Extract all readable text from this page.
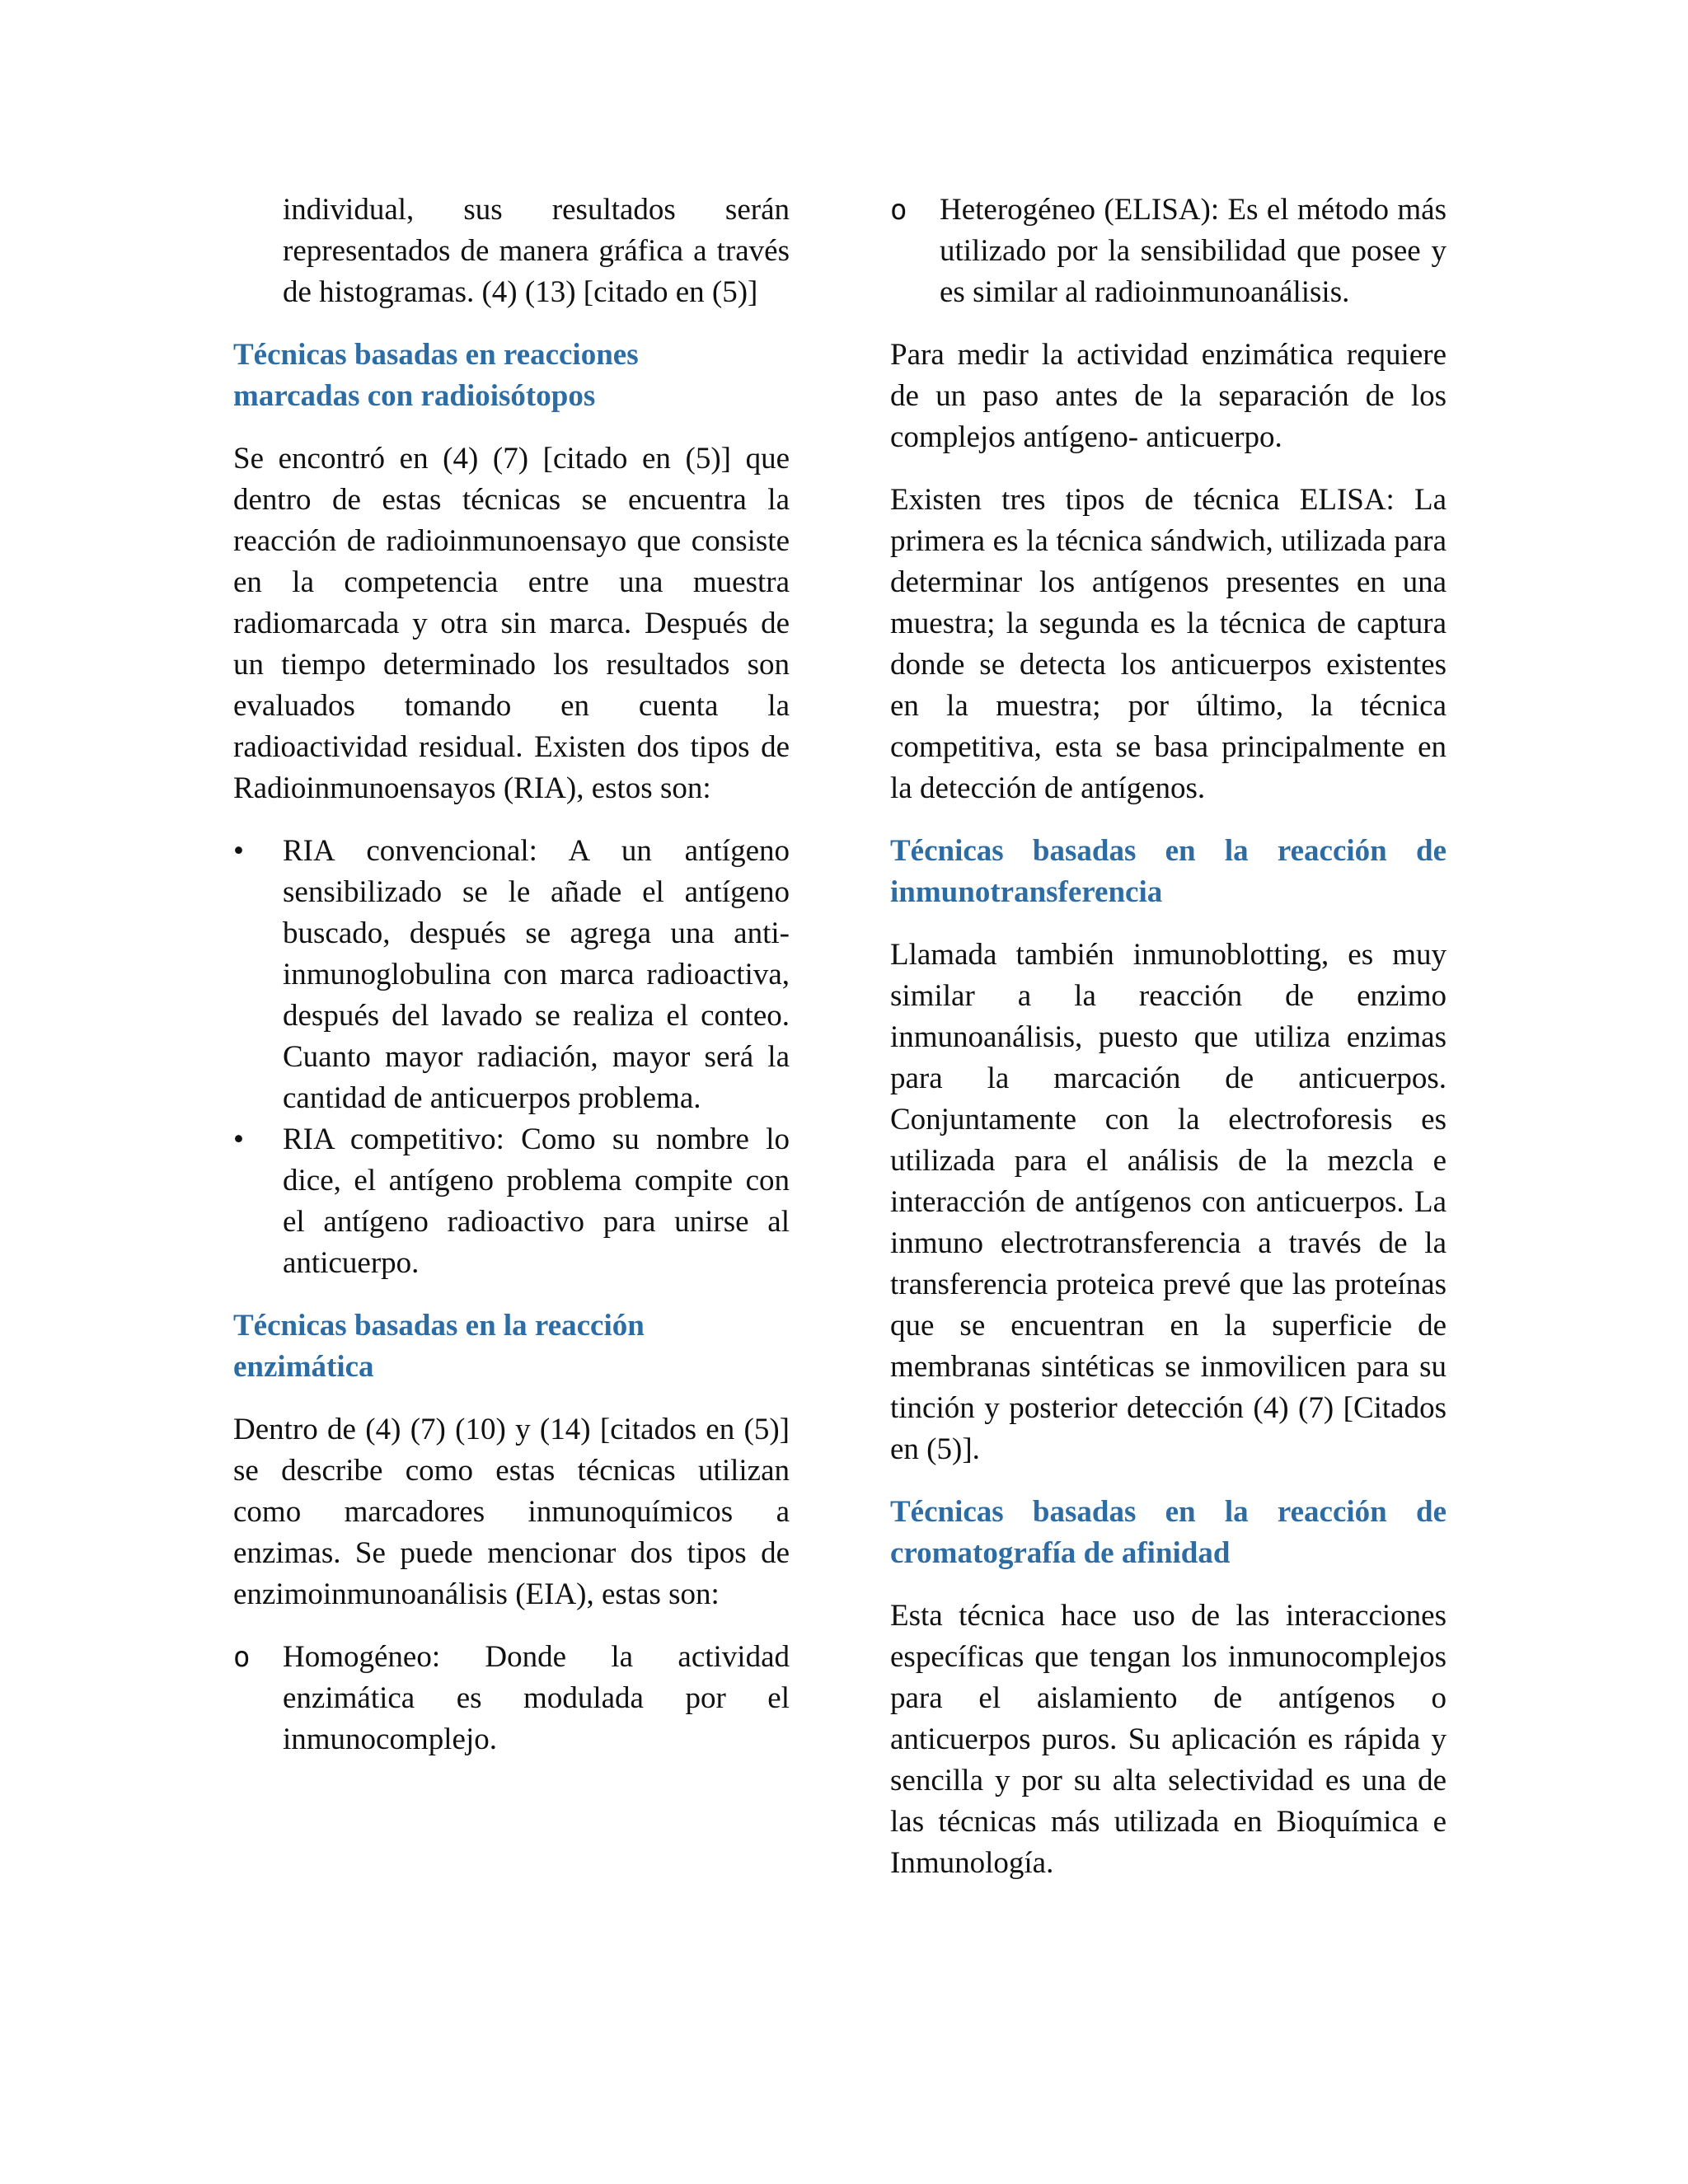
individual, sus resultados serán representados de manera gráfica a través de histogramas. (4) (13) [citado en (5)]

Técnicas basadas en reacciones marcadas con radioisótopos

Se encontró en (4) (7) [citado en (5)] que dentro de estas técnicas se encuentra la reacción de radioinmunoensayo que consiste en la competencia entre una muestra radiomarcada y otra sin marca. Después de un tiempo determinado los resultados son evaluados tomando en cuenta la radioactividad residual. Existen dos tipos de Radioinmunoensayos (RIA), estos son:

•
RIA convencional: A un antígeno sensibilizado se le añade el antígeno buscado, después se agrega una anti-inmunoglobulina con marca radioactiva, después del lavado se realiza el conteo. Cuanto mayor radiación, mayor será la cantidad de anticuerpos problema.
•
RIA competitivo: Como su nombre lo dice, el antígeno problema compite con el antígeno radioactivo para unirse al anticuerpo.
Técnicas basadas en la reacción enzimática

Dentro de (4) (7) (10) y (14) [citados en (5)] se describe como estas técnicas utilizan como marcadores inmunoquímicos a enzimas. Se puede mencionar dos tipos de enzimoinmunoanálisis (EIA), estas son:

o
Homogéneo: Donde la actividad enzimática es modulada por el inmunocomplejo.
o
Heterogéneo (ELISA): Es el método más utilizado por la sensibilidad que posee y es similar al radioinmunoanálisis.

Para medir la actividad enzimática requiere de un paso antes de la separación de los complejos antígeno- anticuerpo.

Existen tres tipos de técnica ELISA: La primera es la técnica sándwich, utilizada para determinar los antígenos presentes en una muestra; la segunda es la técnica de captura donde se detecta los anticuerpos existentes en la muestra; por último, la técnica competitiva, esta se basa principalmente en la detección de antígenos.

Técnicas basadas en la reacción de inmunotransferencia

Llamada también inmunoblotting, es muy similar a la reacción de enzimo inmunoanálisis, puesto que utiliza enzimas para la marcación de anticuerpos. Conjuntamente con la electroforesis es utilizada para el análisis de la mezcla e interacción de antígenos con anticuerpos. La inmuno electrotransferencia a través de la transferencia proteica prevé que las proteínas que se encuentran en la superficie de membranas sintéticas se inmovilicen para su tinción y posterior detección (4) (7) [Citados en (5)].

Técnicas basadas en la reacción de cromatografía de afinidad

Esta técnica hace uso de las interacciones específicas que tengan los inmunocomplejos para el aislamiento de antígenos o anticuerpos puros. Su aplicación es rápida y sencilla y por su alta selectividad es una de las técnicas más utilizada en Bioquímica e Inmunología.
